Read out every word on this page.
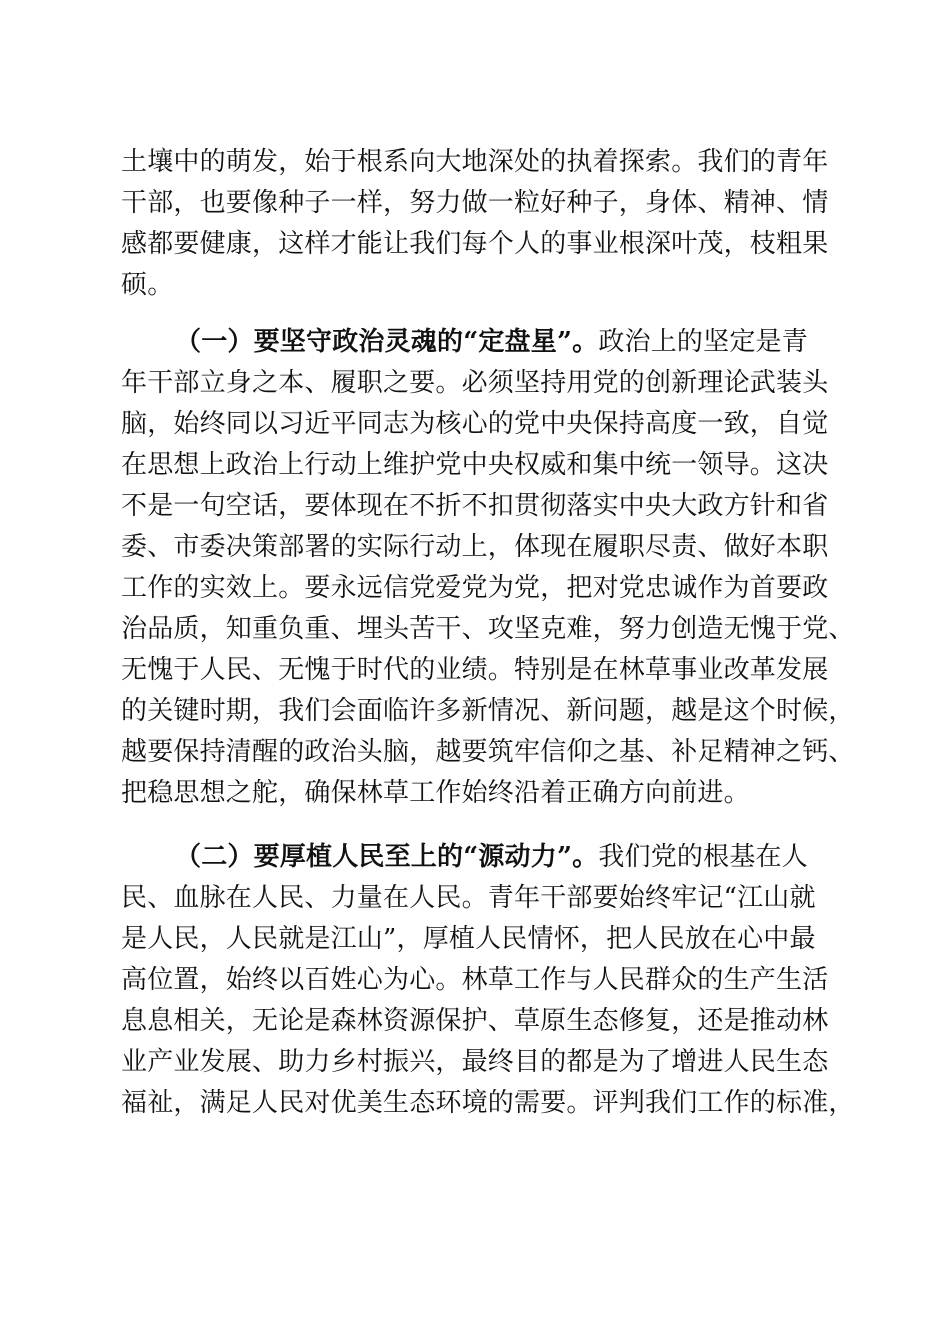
土壤中的萌发，始于根系向大地深处的执着探索。我们的青年
干部，也要像种子一样，努力做一粒好种子，身体、精神、情
感都要健康，这样才能让我们每个人的事业根深叶茂，枝粗果
硕。
（一）要坚守政治灵魂的“定盘星”。政治上的坚定是青
年干部立身之本、履职之要。必须坚持用党的创新理论武装头
脑，始终同以习近平同志为核心的党中央保持高度一致，自觉
在思想上政治上行动上维护党中央权威和集中统一领导。这决
不是一句空话，要体现在不折不扣贯彻落实中央大政方针和省
委、市委决策部署的实际行动上，体现在履职尽责、做好本职
工作的实效上。要永远信党爱党为党，把对党忠诚作为首要政
治品质，知重负重、埋头苦干、攻坚克难，努力创造无愧于党、
无愧于人民、无愧于时代的业绩。特别是在林草事业改革发展
的关键时期，我们会面临许多新情况、新问题，越是这个时候，
越要保持清醒的政治头脑，越要筑牢信仰之基、补足精神之钙、
把稳思想之舵，确保林草工作始终沿着正确方向前进。
（二）要厚植人民至上的“源动力”。我们党的根基在人
民、血脉在人民、力量在人民。青年干部要始终牢记“江山就
是人民，人民就是江山”，厚植人民情怀，把人民放在心中最
高位置，始终以百姓心为心。林草工作与人民群众的生产生活
息息相关，无论是森林资源保护、草原生态修复，还是推动林
业产业发展、助力乡村振兴，最终目的都是为了增进人民生态
福祉，满足人民对优美生态环境的需要。评判我们工作的标准，
